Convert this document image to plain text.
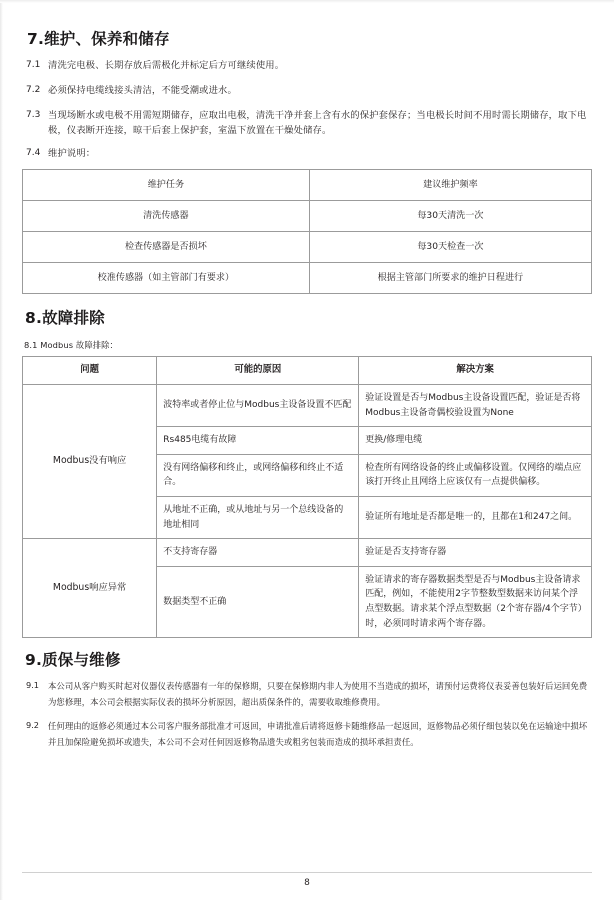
7.维护、保养和储存
7.1 清洗完电极、长期存放后需极化并标定后方可继续使用。
7.2 必须保持电缆线接头清洁，不能受潮或进水。
7.3 当现场断水或电极不用需短期储存，应取出电极，清洗干净并套上含有水的保护套保存；当电极长时间不用时需长期储存，取下电极，仪表断开连接，晾干后套上保护套，室温下放置在干燥处储存。
7.4 维护说明：
维护任务	建议维护频率
清洗传感器	每30天清洗一次
检查传感器是否损坏	每30天检查一次
校准传感器（如主管部门有要求）	根据主管部门所要求的维护日程进行
8.故障排除
8.1 Modbus 故障排除：
问题	可能的原因	解决方案
Modbus没有响应	波特率或者停止位与Modbus主设备设置不匹配	验证设置是否与Modbus主设备设置匹配，验证是否将Modbus主设备奇偶校验设置为None
	Rs485电缆有故障	更换/修理电缆
	没有网络偏移和终止，或网络偏移和终止不适合。	检查所有网络设备的终止或偏移设置。仅网络的端点应该打开终止且网络上应该仅有一点提供偏移。
	从地址不正确，或从地址与另一个总线设备的地址相同	验证所有地址是否都是唯一的，且都在1和247之间。
Modbus响应异常	不支持寄存器	验证是否支持寄存器
	数据类型不正确	验证请求的寄存器数据类型是否与Modbus主设备请求匹配，例如，不能使用2字节整数型数据来访问某个浮点型数据。请求某个浮点型数据（2个寄存器/4个字节）时，必须同时请求两个寄存器。
9.质保与维修
9.1	本公司从客户购买时起对仪器仪表传感器有一年的保修期，只要在保修期内非人为使用不当造成的损坏，请预付运费将仪表妥善包装好后运回免费为您修理，本公司会根据实际仪表的损坏分析原因，超出质保条件的，需要收取维修费用。
9.2	任何理由的返修必须通过本公司客户服务部批准才可返回，申请批准后请将返修卡随维修品一起返回，返修物品必须仔细包装以免在运输途中损坏并且加保险避免损坏或遗失，本公司不会对任何因返修物品遗失或粗劣包装而造成的损坏承担责任。
8
